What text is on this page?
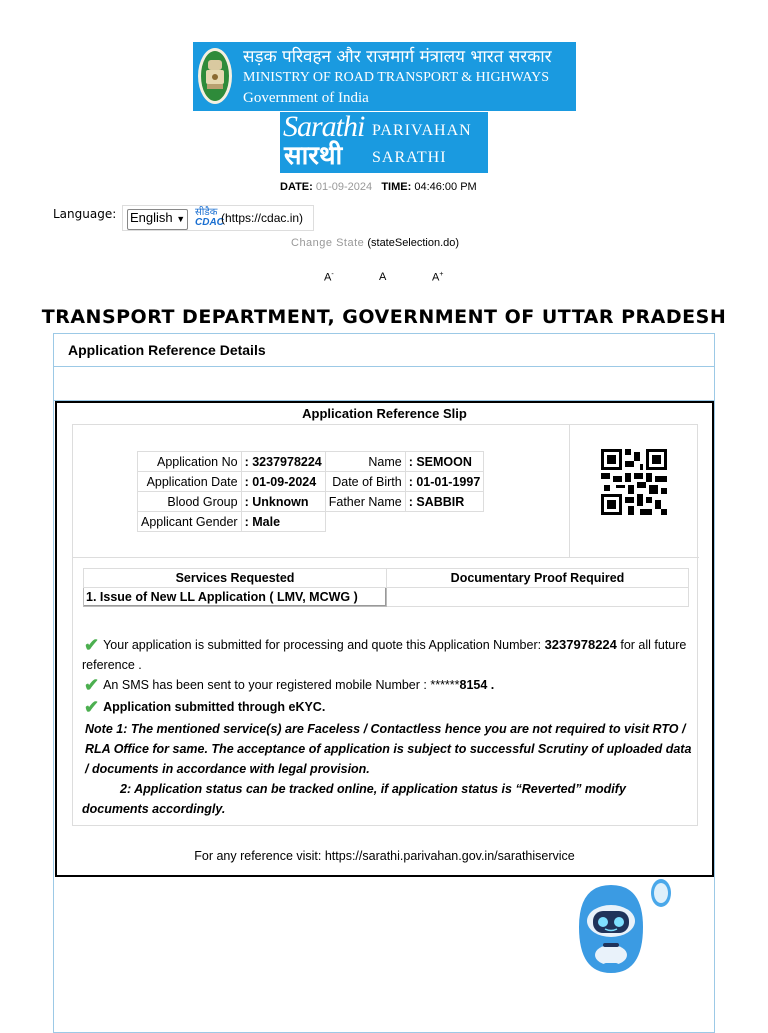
सड़क परिवहन और राजमार्ग मंत्रालय भारत सरकार
MINISTRY OF ROAD TRANSPORT & HIGHWAYS
Government of India
Sarathi
सारथी
PARIVAHAN
SARATHI
DATE: 01-09-2024 TIME: 04:46:00 PM
Language: English ▼
सीडैक
CDAC
(https://cdac.in)
Change State (stateSelection.do)
A-	A	A+
TRANSPORT DEPARTMENT, GOVERNMENT OF UTTAR PRADESH
Application Reference Details
Application Reference Slip
Application No	: 3237978224	Name	: SEMOON
Application Date	: 01-09-2024	Date of Birth	: 01-01-1997
Blood Group	: Unknown	Father Name	: SABBIR
Applicant Gender	: Male		
Services Requested	Documentary Proof Required
1. Issue of New LL Application ( LMV, MCWG )	
✔ Your application is submitted for processing and quote this Application Number: 3237978224 for all future reference .
✔ An SMS has been sent to your registered mobile Number : ******8154 .
✔ Application submitted through eKYC.
Note 1: The mentioned service(s) are Faceless / Contactless hence you are not required to visit RTO / RLA Office for same. The acceptance of application is subject to successful Scrutiny of uploaded data / documents in accordance with legal provision.
2: Application status can be tracked online, if application status is “Reverted” modify documents accordingly.
For any reference visit: https://sarathi.parivahan.gov.in/sarathiservice
